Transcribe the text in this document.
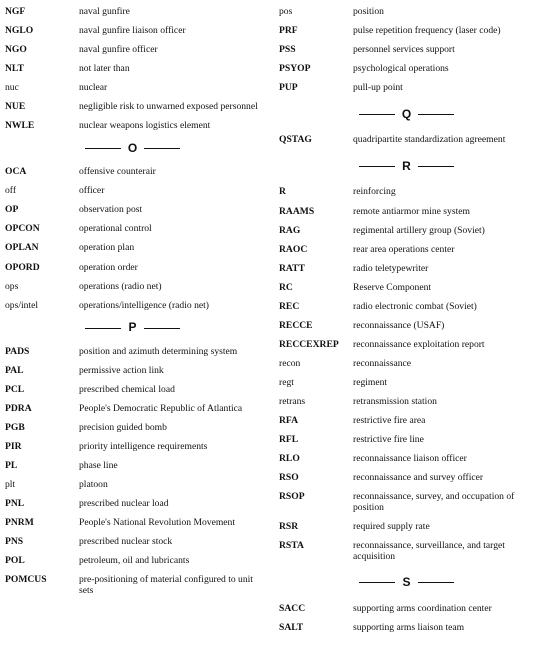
NGF	naval gunfire
NGLO	naval gunfire liaison officer
NGO	naval gunfire officer
NLT	not later than
nuc	nuclear
NUE	negligible risk to unwarned exposed personnel
NWLE	nuclear weapons logistics element
O
OCA	offensive counterair
off	officer
OP	observation post
OPCON	operational control
OPLAN	operation plan
OPORD	operation order
ops	operations (radio net)
ops/intel	operations/intelligence (radio net)
P
PADS	position and azimuth determining system
PAL	permissive action link
PCL	prescribed chemical load
PDRA	People's Democratic Republic of Atlantica
PGB	precision guided bomb
PIR	priority intelligence requirements
PL	phase line
plt	platoon
PNL	prescribed nuclear load
PNRM	People's National Revolution Movement
PNS	prescribed nuclear stock
POL	petroleum, oil and lubricants
POMCUS	pre-positioning of material configured to unit sets
pos	position
PRF	pulse repetition frequency (laser code)
PSS	personnel services support
PSYOP	psychological operations
PUP	pull-up point
Q
QSTAG	quadripartite standardization agreement
R
R	reinforcing
RAAMS	remote antiarmor mine system
RAG	regimental artillery group (Soviet)
RAOC	rear area operations center
RATT	radio teletypewriter
RC	Reserve Component
REC	radio electronic combat (Soviet)
RECCE	reconnaissance (USAF)
RECCEXREP	reconnaissance exploitation report
recon	reconnaissance
regt	regiment
retrans	retransmission station
RFA	restrictive fire area
RFL	restrictive fire line
RLO	reconnaissance liaison officer
RSO	reconnaissance and survey officer
RSOP	reconnaissance, survey, and occupation of position
RSR	required supply rate
RSTA	reconnaissance, surveillance, and target acquisition
S
SACC	supporting arms coordination center
SALT	supporting arms liaison team
